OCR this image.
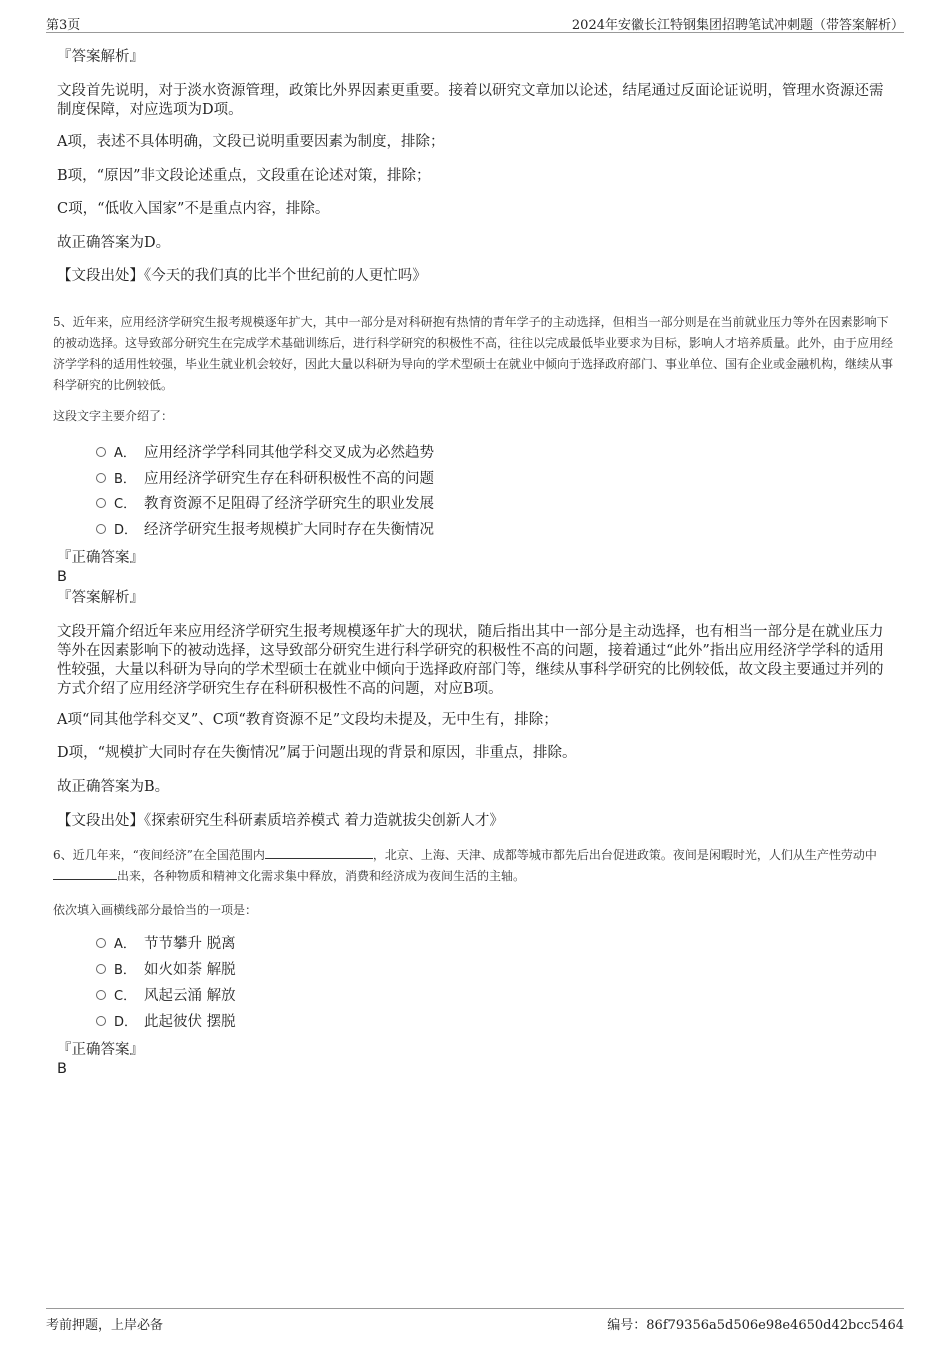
第3页	2024年安徽长江特钢集团招聘笔试冲刺题（带答案解析）
『答案解析』
文段首先说明，对于淡水资源管理，政策比外界因素更重要。接着以研究文章加以论述，结尾通过反面论证说明，管理水资源还需制度保障，对应选项为D项。
A项，表述不具体明确，文段已说明重要因素为制度，排除；
B项，“原因”非文段论述重点，文段重在论述对策，排除；
C项，“低收入国家”不是重点内容，排除。
故正确答案为D。
【文段出处】《今天的我们真的比半个世纪前的人更忙吗》
5、近年来，应用经济学研究生报考规模逐年扩大，其中一部分是对科研抱有热情的青年学子的主动选择，但相当一部分则是在当前就业压力等外在因素影响下的被动选择。这导致部分研究生在完成学术基础训练后，进行科学研究的积极性不高，往往以完成最低毕业要求为目标，影响人才培养质量。此外，由于应用经济学学科的适用性较强，毕业生就业机会较好，因此大量以科研为导向的学术型硕士在就业中倾向于选择政府部门、事业单位、国有企业或金融机构，继续从事科学研究的比例较低。
这段文字主要介绍了：
A． 应用经济学学科同其他学科交叉成为必然趋势
B． 应用经济学研究生存在科研积极性不高的问题
C． 教育资源不足阻碍了经济学研究生的职业发展
D． 经济学研究生报考规模扩大同时存在失衡情况
『正确答案』
B
『答案解析』
文段开篇介绍近年来应用经济学研究生报考规模逐年扩大的现状，随后指出其中一部分是主动选择，也有相当一部分是在就业压力等外在因素影响下的被动选择，这导致部分研究生进行科学研究的积极性不高的问题，接着通过“此外”指出应用经济学学科的适用性较强，大量以科研为导向的学术型硕士在就业中倾向于选择政府部门等，继续从事科学研究的比例较低，故文段主要通过并列的方式介绍了应用经济学研究生存在科研积极性不高的问题，对应B项。
A项“同其他学科交叉”、C项“教育资源不足”文段均未提及，无中生有，排除；
D项，“规模扩大同时存在失衡情况”属于问题出现的背景和原因，非重点，排除。
故正确答案为B。
【文段出处】《探索研究生科研素质培养模式 着力造就拔尖创新人才》
6、近几年来，“夜间经济”在全国范围内	，北京、上海、天津、成都等城市都先后出台促进政策。夜间是闲暇时光，人们从生产性劳动中出来，各种物质和精神文化需求集中释放，消费和经济成为夜间生活的主轴。
依次填入画横线部分最恰当的一项是：
A． 节节攀升 脱离
B． 如火如荼 解脱
C． 风起云涌 解放
D． 此起彼伏 摆脱
『正确答案』
B
考前押题，上岸必备	编号：86f79356a5d506e98e4650d42bcc5464
